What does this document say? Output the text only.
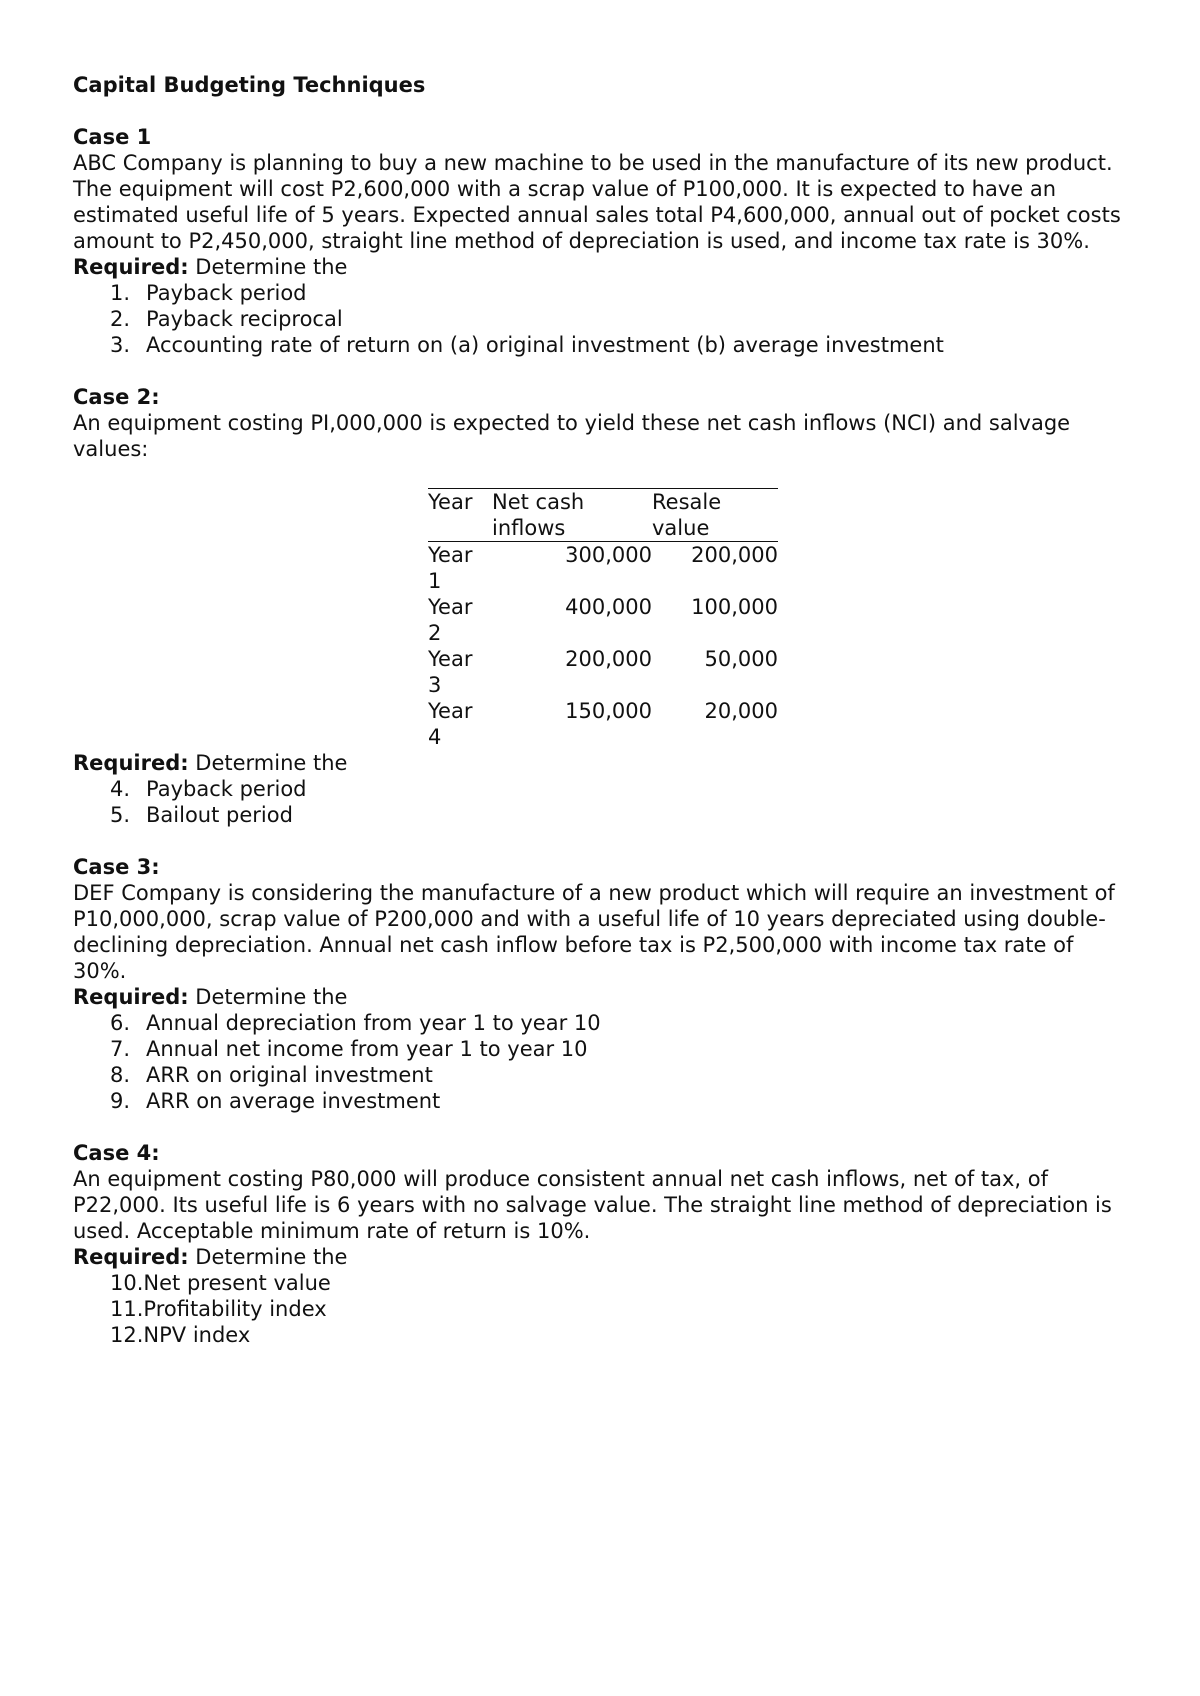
Capital Budgeting Techniques
Case 1

ABC Company is planning to buy a new machine to be used in the manufacture of its new product. The equipment will cost P2,600,000 with a scrap value of P100,000. It is expected to have an estimated useful life of 5 years. Expected annual sales total P4,600,000, annual out of pocket costs amount to P2,450,000, straight line method of depreciation is used, and income tax rate is 30%.

Required: Determine the
1. Payback period
2. Payback reciprocal
3. Accounting rate of return on (a) original investment (b) average investment
Case 2:

An equipment costing PI,000,000 is expected to yield these net cash inflows (NCI) and salvage values:

Year	Net cash inflows	Resale value

Year 1	300,000	200,000

Year 2	400,000	100,000

Year 3	200,000	50,000

Year 4	150,000	20,000
Required: Determine the
4. Payback period
5. Bailout period
Case 3:

DEF Company is considering the manufacture of a new product which will require an investment of P10,000,000, scrap value of P200,000 and with a useful life of 10 years depreciated using double-declining depreciation. Annual net cash inflow before tax is P2,500,000 with income tax rate of 30%.

Required: Determine the
6. Annual depreciation from year 1 to year 10
7. Annual net income from year 1 to year 10
8. ARR on original investment
9. ARR on average investment
Case 4:

An equipment costing P80,000 will produce consistent annual net cash inflows, net of tax, of P22,000. Its useful life is 6 years with no salvage value. The straight line method of depreciation is used. Acceptable minimum rate of return is 10%.

Required: Determine the
10.Net present value
11.Profitability index
12.NPV index
